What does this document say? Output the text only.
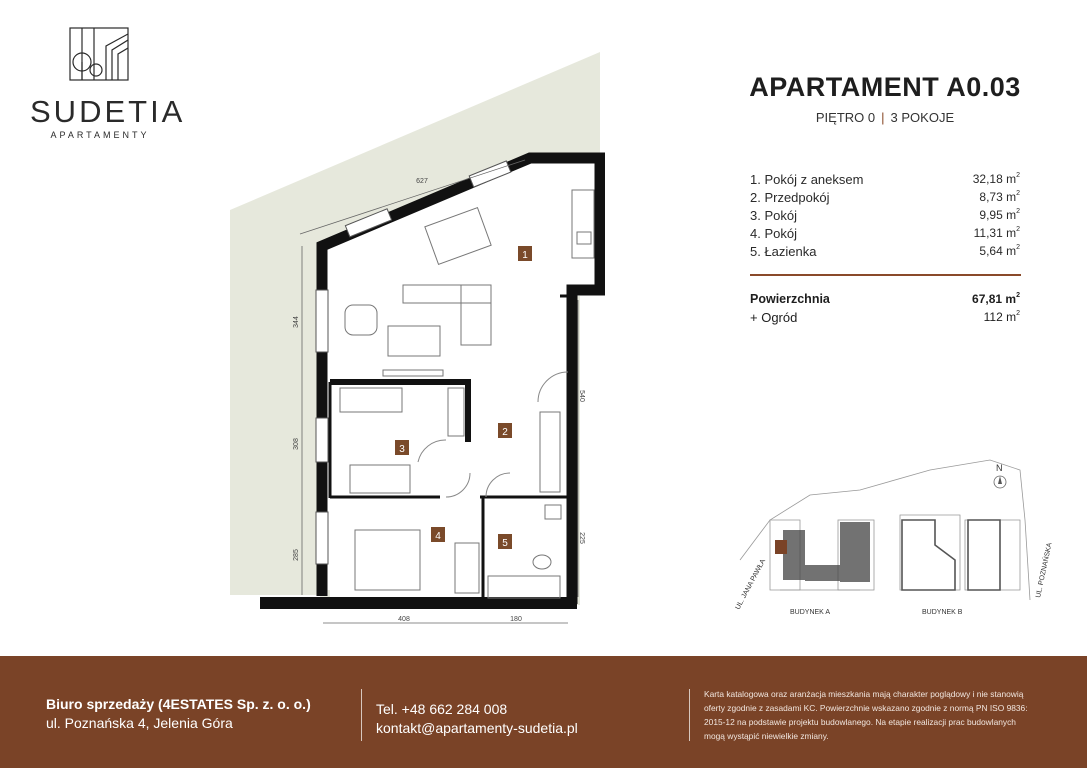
SUDETIA
APARTAMENTY
627
344
308
285
540
225
408	180
1
2
3
4
5
APARTAMENT A0.03
PIĘTRO 0 | 3 POKOJE
1. Pokój z aneksem	32,18 $m^2$
2. Przedpokój	8,73 $m^2$
3. Pokój	9,95 $m^2$
4. Pokój	11,31 $m^2$
5. Łazienka	5,64 $m^2$
Powierzchnia	67,81 $m^2$
+ Ogród	112 $m^2$
N
UL. JANA PAWŁA	UL. POZNAŃSKA
BUDYNEK A	BUDYNEK B
Biuro sprzedaży (4ESTATES Sp. z. o. o.)
ul. Poznańska 4, Jelenia Góra
Tel. +48 662 284 008
kontakt@apartamenty-sudetia.pl
Karta katalogowa oraz aranżacja mieszkania mają charakter poglądowy i nie stanowią oferty zgodnie z zasadami KC. Powierzchnie wskazano zgodnie z normą PN ISO 9836: 2015-12 na podstawie projektu budowlanego. Na etapie realizacji prac budowlanych mogą wystąpić niewielkie zmiany.
